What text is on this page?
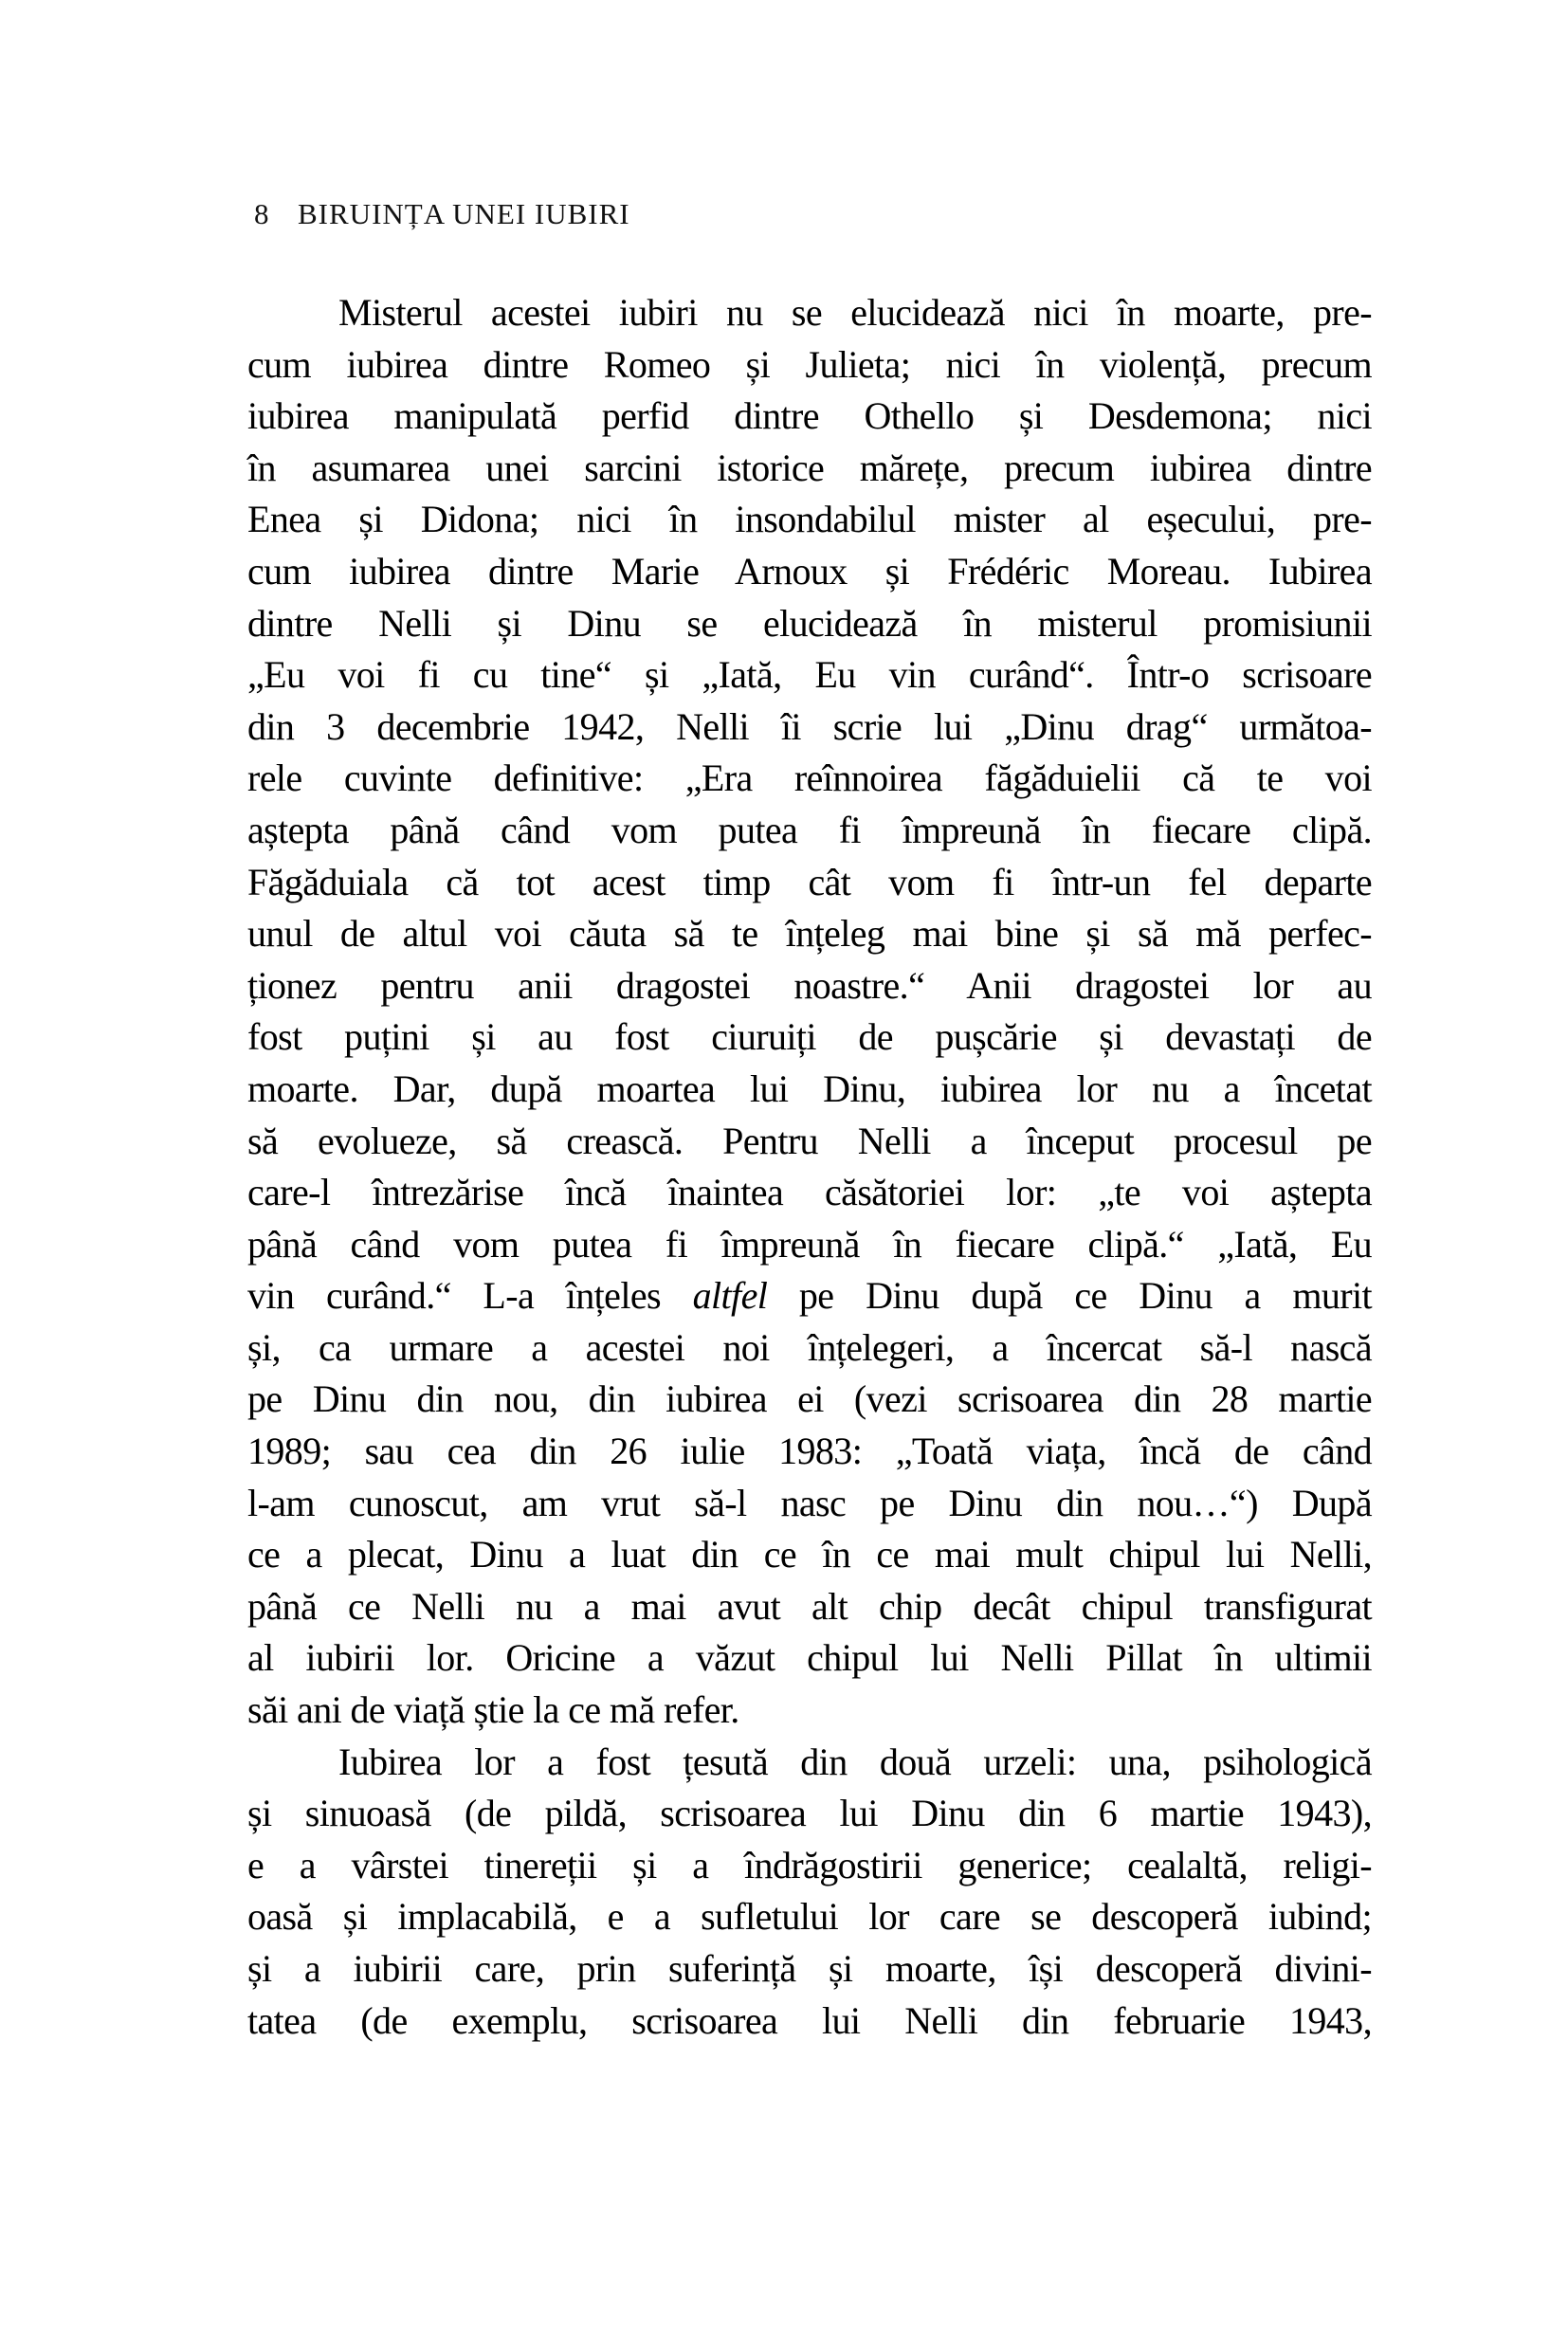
8 BIRUINȚA UNEI IUBIRI
Misterul acestei iubiri nu se elucidează nici în moarte, pre-
cum iubirea dintre Romeo și Julieta; nici în violență, precum
iubirea manipulată perfid dintre Othello și Desdemona; nici
în asumarea unei sarcini istorice mărețe, precum iubirea dintre
Enea și Didona; nici în insondabilul mister al eșecului, pre-
cum iubirea dintre Marie Arnoux și Frédéric Moreau. Iubirea
dintre Nelli și Dinu se elucidează în misterul promisiunii
„Eu voi fi cu tine“ și „Iată, Eu vin curând“. Într-o scrisoare
din 3 decembrie 1942, Nelli îi scrie lui „Dinu drag“ următoa-
rele cuvinte definitive: „Era reînnoirea făgăduielii că te voi
aștepta până când vom putea fi împreună în fiecare clipă.
Făgăduiala că tot acest timp cât vom fi într-un fel departe
unul de altul voi căuta să te înțeleg mai bine și să mă perfec-
ționez pentru anii dragostei noastre.“ Anii dragostei lor au
fost puțini și au fost ciuruiți de pușcărie și devastați de
moarte. Dar, după moartea lui Dinu, iubirea lor nu a încetat
să evolueze, să crească. Pentru Nelli a început procesul pe
care-l întrezărise încă înaintea căsătoriei lor: „te voi aștepta
până când vom putea fi împreună în fiecare clipă.“ „Iată, Eu
vin curând.“ L-a înțeles altfel pe Dinu după ce Dinu a murit
și, ca urmare a acestei noi înțelegeri, a încercat să-l nască
pe Dinu din nou, din iubirea ei (vezi scrisoarea din 28 martie
1989; sau cea din 26 iulie 1983: „Toată viața, încă de când
l-am cunoscut, am vrut să-l nasc pe Dinu din nou…“) După
ce a plecat, Dinu a luat din ce în ce mai mult chipul lui Nelli,
până ce Nelli nu a mai avut alt chip decât chipul transfigurat
al iubirii lor. Oricine a văzut chipul lui Nelli Pillat în ultimii
săi ani de viață știe la ce mă refer.
Iubirea lor a fost țesută din două urzeli: una, psihologică
și sinuoasă (de pildă, scrisoarea lui Dinu din 6 martie 1943),
e a vârstei tinereții și a îndrăgostirii generice; cealaltă, religi-
oasă și implacabilă, e a sufletului lor care se descoperă iubind;
și a iubirii care, prin suferință și moarte, își descoperă divini-
tatea (de exemplu, scrisoarea lui Nelli din februarie 1943,
